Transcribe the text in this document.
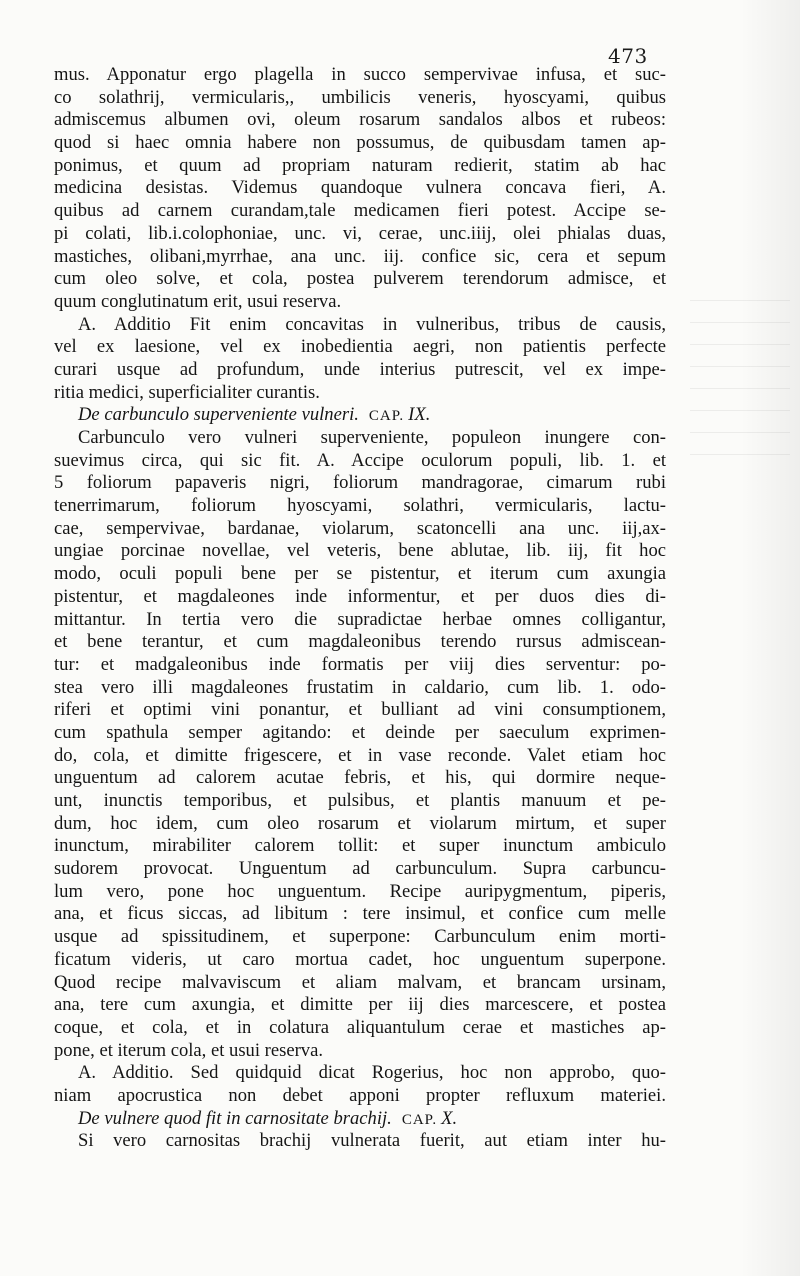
473
mus. Apponatur ergo plagella in succo sempervivae infusa, et suc-
co solathrij, vermicularis,, umbilicis veneris, hyoscyami, quibus
admiscemus albumen ovi, oleum rosarum sandalos albos et rubeos:
quod si haec omnia habere non possumus, de quibusdam tamen ap-
ponimus, et quum ad propriam naturam redierit, statim ab hac
medicina desistas. Videmus quandoque vulnera concava fieri, A.
quibus ad carnem curandam,tale medicamen fieri potest. Accipe se-
pi colati, lib.i.colophoniae, unc. vi, cerae, unc.iiij, olei phialas duas,
mastiches, olibani,myrrhae, ana unc. iij. confice sic, cera et sepum
cum oleo solve, et cola, postea pulverem terendorum admisce, et
quum conglutinatum erit, usui reserva.
A. Additio Fit enim concavitas in vulneribus, tribus de causis,
vel ex laesione, vel ex inobedientia aegri, non patientis perfecte
curari usque ad profundum, unde interius putrescit, vel ex impe-
ritia medici, superficialiter curantis.
De carbunculo superveniente vulneri. CAP. IX.
Carbunculo vero vulneri superveniente, populeon inungere con-
suevimus circa, qui sic fit. A. Accipe oculorum populi, lib. 1. et
5 foliorum papaveris nigri, foliorum mandragorae, cimarum rubi
tenerrimarum, foliorum hyoscyami, solathri, vermicularis, lactu-
cae, sempervivae, bardanae, violarum, scatoncelli ana unc. iij,ax-
ungiae porcinae novellae, vel veteris, bene ablutae, lib. iij, fit hoc
modo, oculi populi bene per se pistentur, et iterum cum axungia
pistentur, et magdaleones inde informentur, et per duos dies di-
mittantur. In tertia vero die supradictae herbae omnes colligantur,
et bene terantur, et cum magdaleonibus terendo rursus admiscean-
tur: et madgaleonibus inde formatis per viij dies serventur: po-
stea vero illi magdaleones frustatim in caldario, cum lib. 1. odo-
riferi et optimi vini ponantur, et bulliant ad vini consumptionem,
cum spathula semper agitando: et deinde per saeculum exprimen-
do, cola, et dimitte frigescere, et in vase reconde. Valet etiam hoc
unguentum ad calorem acutae febris, et his, qui dormire neque-
unt, inunctis temporibus, et pulsibus, et plantis manuum et pe-
dum, hoc idem, cum oleo rosarum et violarum mirtum, et super
inunctum, mirabiliter calorem tollit: et super inunctum ambiculo
sudorem provocat. Unguentum ad carbunculum. Supra carbuncu-
lum vero, pone hoc unguentum. Recipe auripygmentum, piperis,
ana, et ficus siccas, ad libitum : tere insimul, et confice cum melle
usque ad spissitudinem, et superpone: Carbunculum enim morti-
ficatum videris, ut caro mortua cadet, hoc unguentum superpone.
Quod recipe malvaviscum et aliam malvam, et brancam ursinam,
ana, tere cum axungia, et dimitte per iij dies marcescere, et postea
coque, et cola, et in colatura aliquantulum cerae et mastiches ap-
pone, et iterum cola, et usui reserva.
A. Additio. Sed quidquid dicat Rogerius, hoc non approbo, quo-
niam apocrustica non debet apponi propter refluxum materiei.
De vulnere quod fit in carnositate brachij. CAP. X.
Si vero carnositas brachij vulnerata fuerit, aut etiam inter hu-
